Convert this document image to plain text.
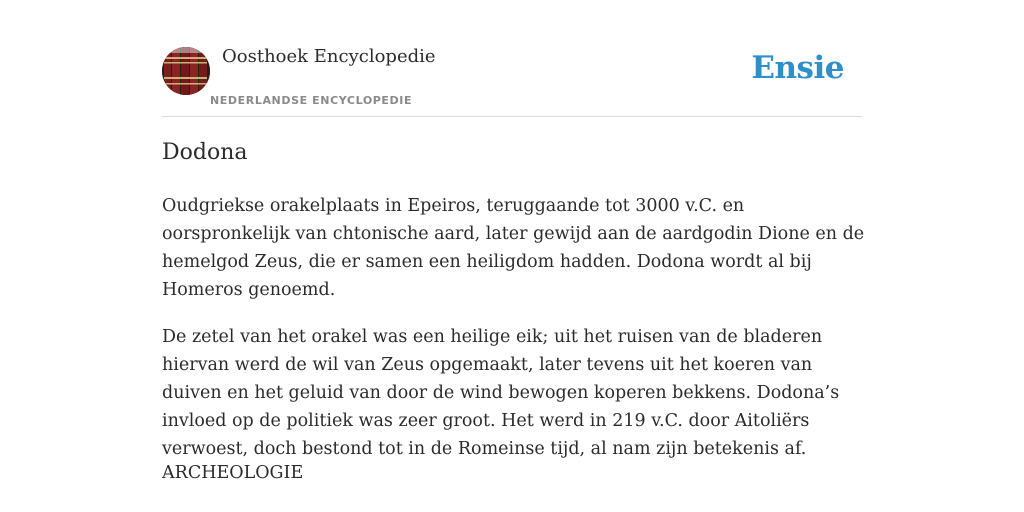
Oosthoek Encyclopedie
NEDERLANDSE ENCYCLOPEDIE
Ensie
Dodona

Oudgriekse orakelplaats in Epeiros, teruggaande tot 3000 v.C. en oorspronkelijk van chtonische aard, later gewijd aan de aardgodin Dione en de hemelgod Zeus, die er samen een heiligdom hadden. Dodona wordt al bij Homeros genoemd.

De zetel van het orakel was een heilige eik; uit het ruisen van de bladeren hiervan werd de wil van Zeus opgemaakt, later tevens uit het koeren van duiven en het geluid van door de wind bewogen koperen bekkens. Dodona’s invloed op de politiek was zeer groot. Het werd in 219 v.C. door Aitoliërs verwoest, doch bestond tot in de Romeinse tijd, al nam zijn betekenis af.

ARCHEOLOGIE
